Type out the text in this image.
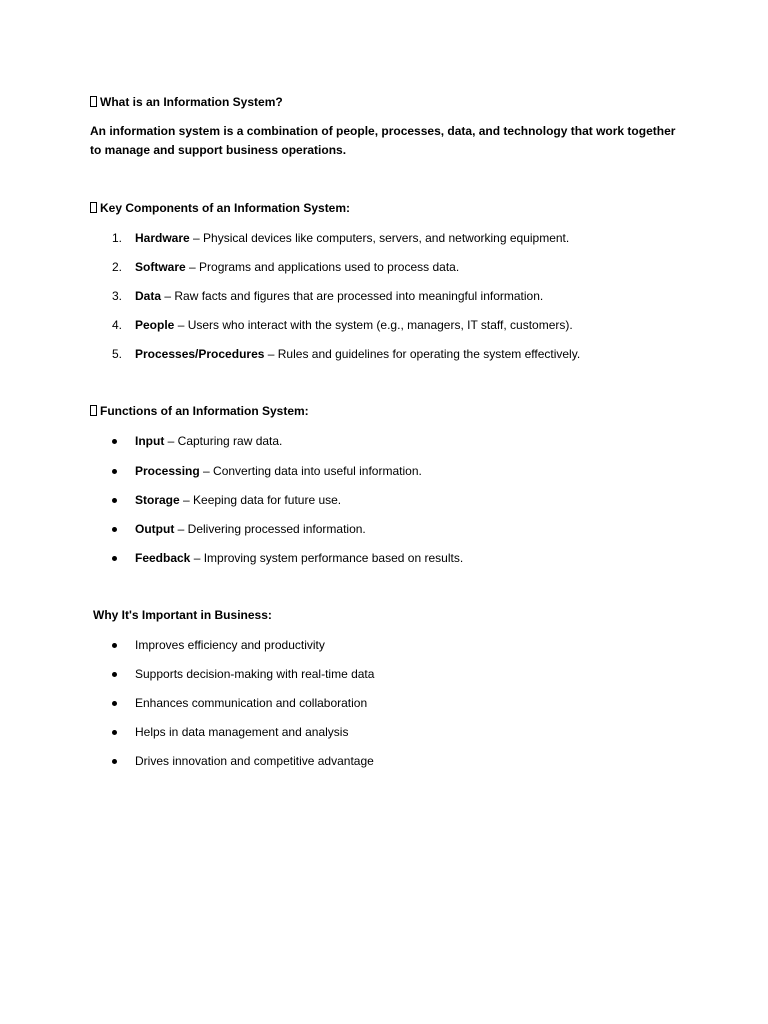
What is an Information System?
An information system is a combination of people, processes, data, and technology that work together to manage and support business operations.
Key Components of an Information System:
1.	Hardware – Physical devices like computers, servers, and networking equipment.
2.	Software – Programs and applications used to process data.
3.	Data – Raw facts and figures that are processed into meaningful information.
4.	People – Users who interact with the system (e.g., managers, IT staff, customers).
5.	Processes/Procedures – Rules and guidelines for operating the system effectively.
Functions of an Information System:
Input – Capturing raw data.
Processing – Converting data into useful information.
Storage – Keeping data for future use.
Output – Delivering processed information.
Feedback – Improving system performance based on results.
Why It's Important in Business:
Improves efficiency and productivity
Supports decision-making with real-time data
Enhances communication and collaboration
Helps in data management and analysis
Drives innovation and competitive advantage
